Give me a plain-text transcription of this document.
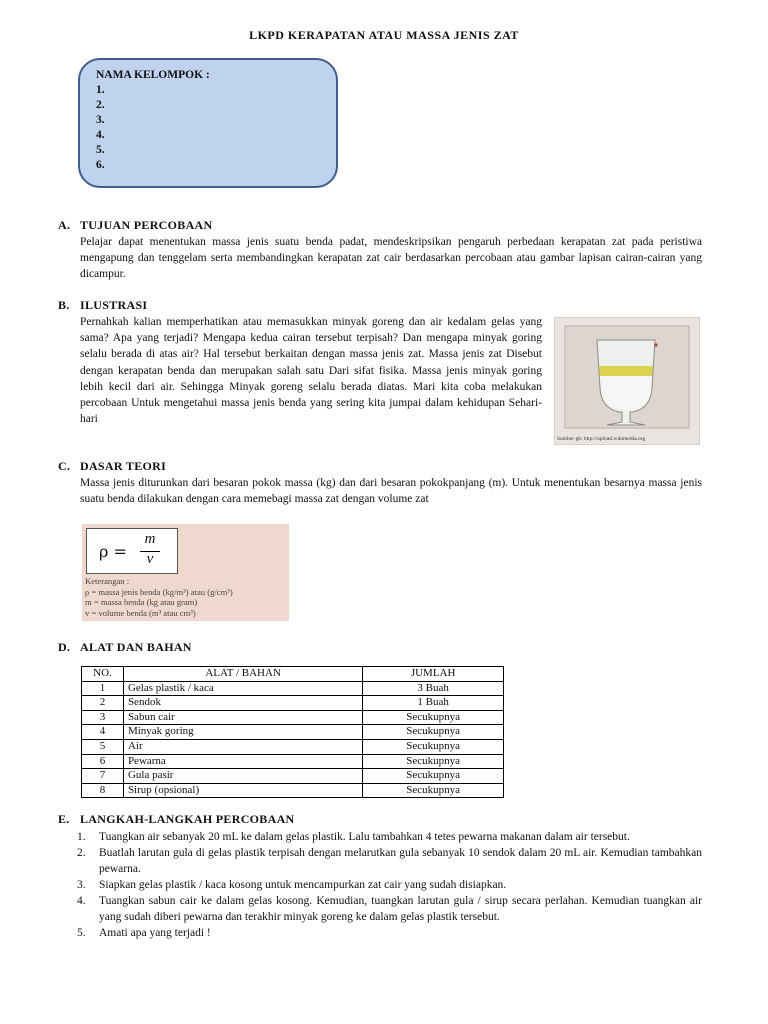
LKPD KERAPATAN ATAU MASSA JENIS ZAT
NAMA KELOMPOK :
1.
2.
3.
4.
5.
6.
A. TUJUAN PERCOBAAN
Pelajar dapat menentukan massa jenis suatu benda padat, mendeskripsikan pengaruh perbedaan kerapatan zat pada peristiwa mengapung dan tenggelam serta membandingkan kerapatan zat cair berdasarkan percobaan atau gambar lapisan cairan-cairan yang dicampur.
B. ILUSTRASI
Pernahkah kalian memperhatikan atau memasukkan minyak goreng dan air kedalam gelas yang sama? Apa yang terjadi? Mengapa kedua cairan tersebut terpisah? Dan mengapa minyak goring selalu berada di atas air? Hal tersebut berkaitan dengan massa jenis zat. Massa jenis zat Disebut dengan kerapatan benda dan merupakan salah satu Dari sifat fisika. Massa jenis minyak goring lebih kecil dari air. Sehingga Minyak goreng selalu berada diatas. Mari kita coba melakukan percobaan Untuk mengetahui massa jenis benda yang sering kita jumpai dalam kehidupan Sehari-hari
Sumber gb: http://upload.wikimedia.org
C. DASAR TEORI
Massa jenis diturunkan dari besaran pokok massa (kg) dan dari besaran pokokpanjang (m). Untuk menentukan besarnya massa jenis suatu benda dilakukan dengan cara memebagi massa zat dengan volume zat
ρ =
m
v
Keterangan :
ρ = massa jenis benda (kg/m³) atau (g/cm³)
m = massa benda (kg atau gram)
v = volume benda (m³ atau cm³)
D. ALAT DAN BAHAN
NO.	ALAT / BAHAN	JUMLAH
1	Gelas plastik / kaca	3 Buah
2	Sendok	1 Buah
3	Sabun cair	Secukupnya
4	Minyak goring	Secukupnya
5	Air	Secukupnya
6	Pewarna	Secukupnya
7	Gula pasir	Secukupnya
8	Sirup (opsional)	Secukupnya
E. LANGKAH-LANGKAH PERCOBAAN
1. Tuangkan air sebanyak 20 mL ke dalam gelas plastik. Lalu tambahkan 4 tetes pewarna makanan dalam air tersebut.
2. Buatlah larutan gula di gelas plastik terpisah dengan melarutkan gula sebanyak 10 sendok dalam 20 mL air. Kemudian tambahkan pewarna.
3. Siapkan gelas plastik / kaca kosong untuk mencampurkan zat cair yang sudah disiapkan.
4. Tuangkan sabun cair ke dalam gelas kosong. Kemudian, tuangkan larutan gula / sirup secara perlahan. Kemudian tuangkan air yang sudah diberi pewarna dan terakhir minyak goreng ke dalam gelas plastik tersebut.
5. Amati apa yang terjadi !
